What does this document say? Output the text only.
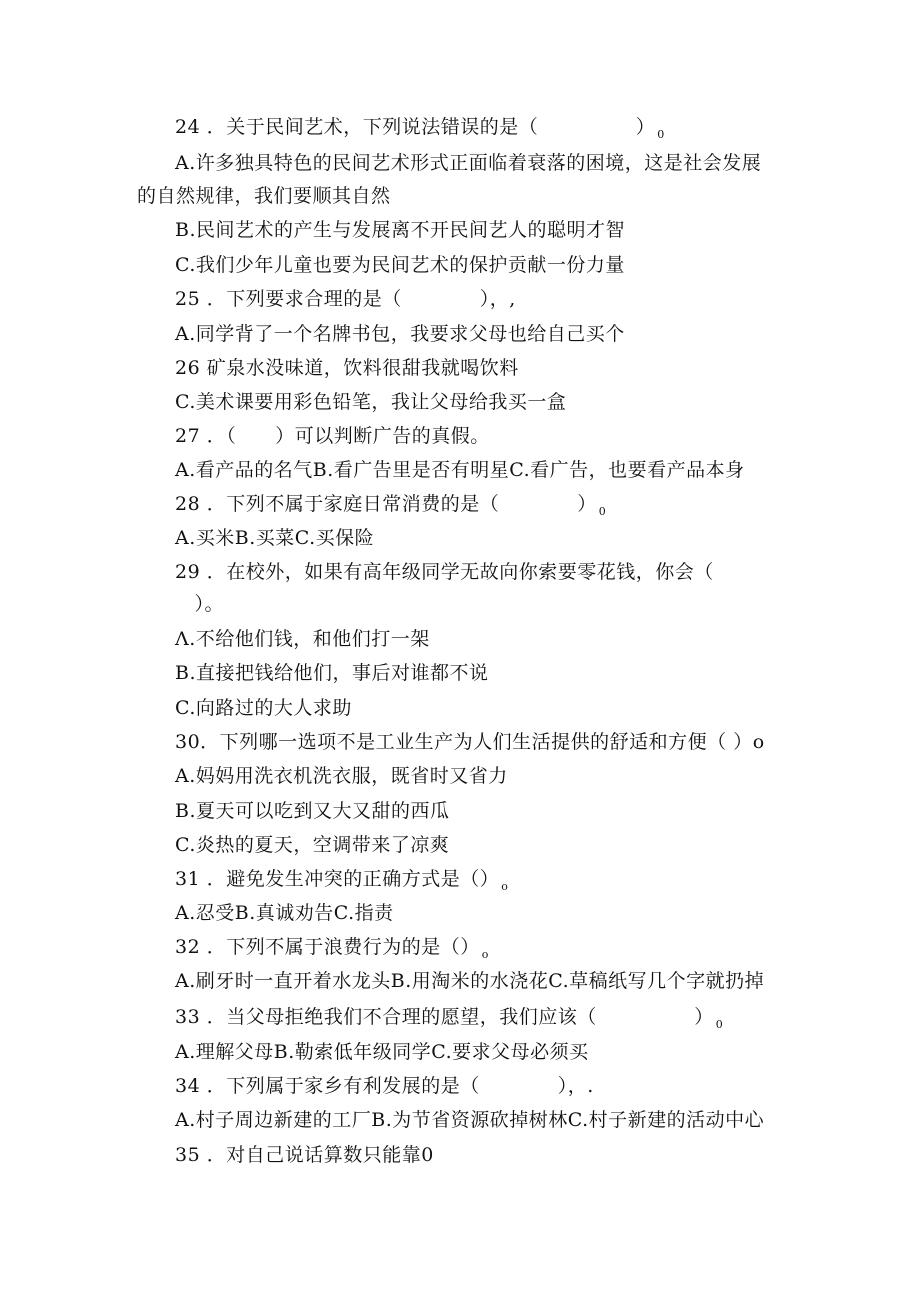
24 ．关于民间艺术，下列说法错误的是（　　　　　） $_0$
A.许多独具特色的民间艺术形式正面临着衰落的困境，这是社会发展
的自然规律，我们要顺其自然
B.民间艺术的产生与发展离不开民间艺人的聪明才智
C.我们少年儿童也要为民间艺术的保护贡献一份力量
25 ．下列要求合理的是（　　　　），,
A.同学背了一个名牌书包，我要求父母也给自己买个
26 矿泉水没味道，饮料很甜我就喝饮料
C.美术课要用彩色铅笔，我让父母给我买一盒
27 ．（　　）可以判断广告的真假。
A.看产品的名气B.看广告里是否有明星C.看广告，也要看产品本身
28 ．下列不属于家庭日常消费的是（　　　　） $_0$
A.买米B.买菜C.买保险
29 ．在校外，如果有高年级同学无故向你索要零花钱，你会（
　）。
Λ.不给他们钱，和他们打一架
B.直接把钱给他们，事后对谁都不说
C.向路过的大人求助
30．下列哪一选项不是工业生产为人们生活提供的舒适和方便（ ）o
A.妈妈用洗衣机洗衣服，既省时又省力
B.夏天可以吃到又大又甜的西瓜
C.炎热的夏天，空调带来了凉爽
31 ．避免发生冲突的正确方式是（） $_o$
A.忍受B.真诚劝告C.指责
32 ．下列不属于浪费行为的是（） $_o$
A.刷牙时一直开着水龙头B.用淘米的水浇花C.草稿纸写几个字就扔掉
33 ．当父母拒绝我们不合理的愿望，我们应该（　　　　　） $_0$
A.理解父母B.勒索低年级同学C.要求父母必须买
34 ．下列属于家乡有利发展的是（　　　　），.
A.村子周边新建的工厂B.为节省资源砍掉树林C.村子新建的活动中心
35 ．对自己说话算数只能靠0
